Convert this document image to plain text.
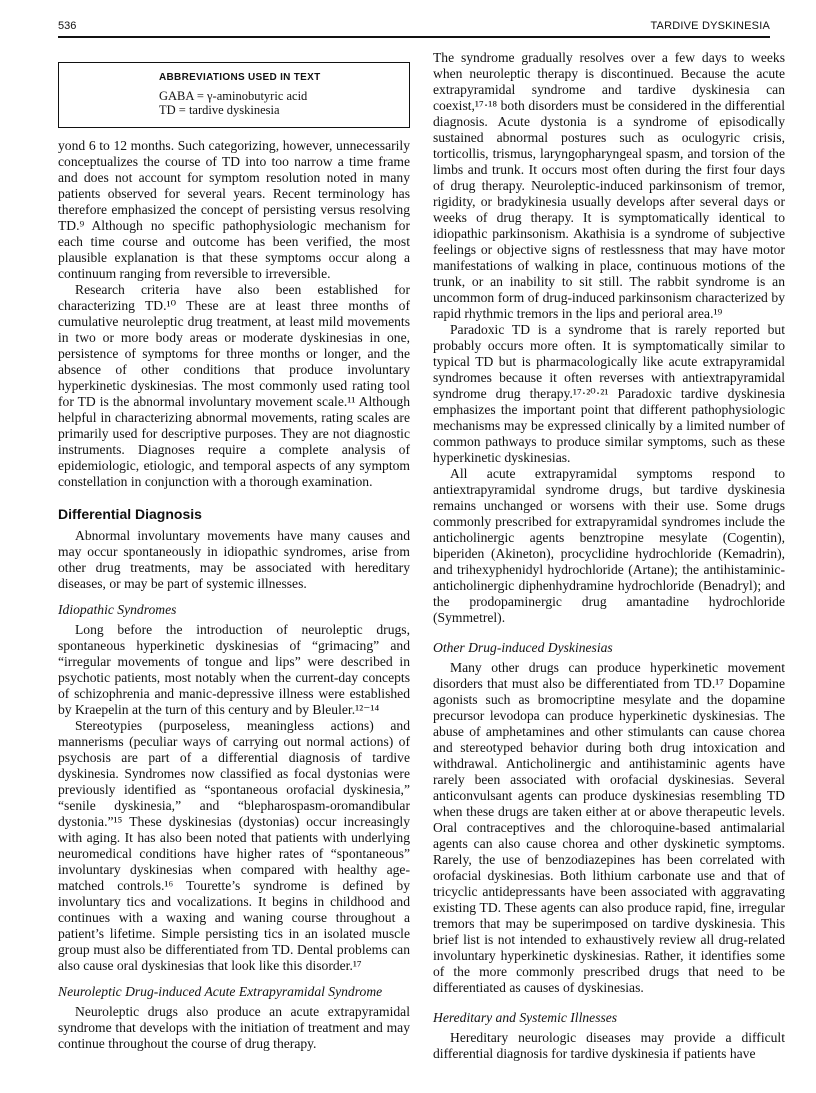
536	TARDIVE DYSKINESIA
ABBREVIATIONS USED IN TEXT
GABA = γ-aminobutyric acid
TD = tardive dyskinesia

yond 6 to 12 months. Such categorizing, however, unnecessarily conceptualizes the course of TD into too narrow a time frame and does not account for symptom resolution noted in many patients observed for several years. Recent terminology has therefore emphasized the concept of persisting versus resolving TD.⁹ Although no specific pathophysiologic mechanism for each time course and outcome has been verified, the most plausible explanation is that these symptoms occur along a continuum ranging from reversible to irreversible.

Research criteria have also been established for characterizing TD.¹⁰ These are at least three months of cumulative neuroleptic drug treatment, at least mild movements in two or more body areas or moderate dyskinesias in one, persistence of symptoms for three months or longer, and the absence of other conditions that produce involuntary hyperkinetic dyskinesias. The most commonly used rating tool for TD is the abnormal involuntary movement scale.¹¹ Although helpful in characterizing abnormal movements, rating scales are primarily used for descriptive purposes. They are not diagnostic instruments. Diagnoses require a complete analysis of epidemiologic, etiologic, and temporal aspects of any symptom constellation in conjunction with a thorough examination.

Differential Diagnosis

Abnormal involuntary movements have many causes and may occur spontaneously in idiopathic syndromes, arise from other drug treatments, may be associated with hereditary diseases, or may be part of systemic illnesses.

Idiopathic Syndromes

Long before the introduction of neuroleptic drugs, spontaneous hyperkinetic dyskinesias of “grimacing” and “irregular movements of tongue and lips” were described in psychotic patients, most notably when the current-day concepts of schizophrenia and manic-depressive illness were established by Kraepelin at the turn of this century and by Bleuler.¹²⁻¹⁴

Stereotypies (purposeless, meaningless actions) and mannerisms (peculiar ways of carrying out normal actions) of psychosis are part of a differential diagnosis of tardive dyskinesia. Syndromes now classified as focal dystonias were previously identified as “spontaneous orofacial dyskinesia,” “senile dyskinesia,” and “blepharospasm-oromandibular dystonia.”¹⁵ These dyskinesias (dystonias) occur increasingly with aging. It has also been noted that patients with underlying neuromedical conditions have higher rates of “spontaneous” involuntary dyskinesias when compared with healthy age-matched controls.¹⁶ Tourette’s syndrome is defined by involuntary tics and vocalizations. It begins in childhood and continues with a waxing and waning course throughout a patient’s lifetime. Simple persisting tics in an isolated muscle group must also be differentiated from TD. Dental problems can also cause oral dyskinesias that look like this disorder.¹⁷

Neuroleptic Drug-induced Acute Extrapyramidal Syndrome

Neuroleptic drugs also produce an acute extrapyramidal syndrome that develops with the initiation of treatment and may continue throughout the course of drug therapy.

The syndrome gradually resolves over a few days to weeks when neuroleptic therapy is discontinued. Because the acute extrapyramidal syndrome and tardive dyskinesia can coexist,¹⁷·¹⁸ both disorders must be considered in the differential diagnosis. Acute dystonia is a syndrome of episodically sustained abnormal postures such as oculogyric crisis, torticollis, trismus, laryngopharyngeal spasm, and torsion of the limbs and trunk. It occurs most often during the first four days of drug therapy. Neuroleptic-induced parkinsonism of tremor, rigidity, or bradykinesia usually develops after several days or weeks of drug therapy. It is symptomatically identical to idiopathic parkinsonism. Akathisia is a syndrome of subjective feelings or objective signs of restlessness that may have motor manifestations of walking in place, continuous motions of the trunk, or an inability to sit still. The rabbit syndrome is an uncommon form of drug-induced parkinsonism characterized by rapid rhythmic tremors in the lips and perioral area.¹⁹

Paradoxic TD is a syndrome that is rarely reported but probably occurs more often. It is symptomatically similar to typical TD but is pharmacologically like acute extrapyramidal syndromes because it often reverses with antiextrapyramidal syndrome drug therapy.¹⁷·²⁰·²¹ Paradoxic tardive dyskinesia emphasizes the important point that different pathophysiologic mechanisms may be expressed clinically by a limited number of common pathways to produce similar symptoms, such as these hyperkinetic dyskinesias.

All acute extrapyramidal symptoms respond to antiextrapyramidal syndrome drugs, but tardive dyskinesia remains unchanged or worsens with their use. Some drugs commonly prescribed for extrapyramidal syndromes include the anticholinergic agents benztropine mesylate (Cogentin), biperiden (Akineton), procyclidine hydrochloride (Kemadrin), and trihexyphenidyl hydrochloride (Artane); the antihistaminic-anticholinergic diphenhydramine hydrochloride (Benadryl); and the prodopaminergic drug amantadine hydrochloride (Symmetrel).

Other Drug-induced Dyskinesias

Many other drugs can produce hyperkinetic movement disorders that must also be differentiated from TD.¹⁷ Dopamine agonists such as bromocriptine mesylate and the dopamine precursor levodopa can produce hyperkinetic dyskinesias. The abuse of amphetamines and other stimulants can cause chorea and stereotyped behavior during both drug intoxication and withdrawal. Anticholinergic and antihistaminic agents have rarely been associated with orofacial dyskinesias. Several anticonvulsant agents can produce dyskinesias resembling TD when these drugs are taken either at or above therapeutic levels. Oral contraceptives and the chloroquine-based antimalarial agents can also cause chorea and other dyskinetic symptoms. Rarely, the use of benzodiazepines has been correlated with orofacial dyskinesias. Both lithium carbonate use and that of tricyclic antidepressants have been associated with aggravating existing TD. These agents can also produce rapid, fine, irregular tremors that may be superimposed on tardive dyskinesia. This brief list is not intended to exhaustively review all drug-related involuntary hyperkinetic dyskinesias. Rather, it identifies some of the more commonly prescribed drugs that need to be differentiated as causes of dyskinesias.

Hereditary and Systemic Illnesses

Hereditary neurologic diseases may provide a difficult differential diagnosis for tardive dyskinesia if patients have
